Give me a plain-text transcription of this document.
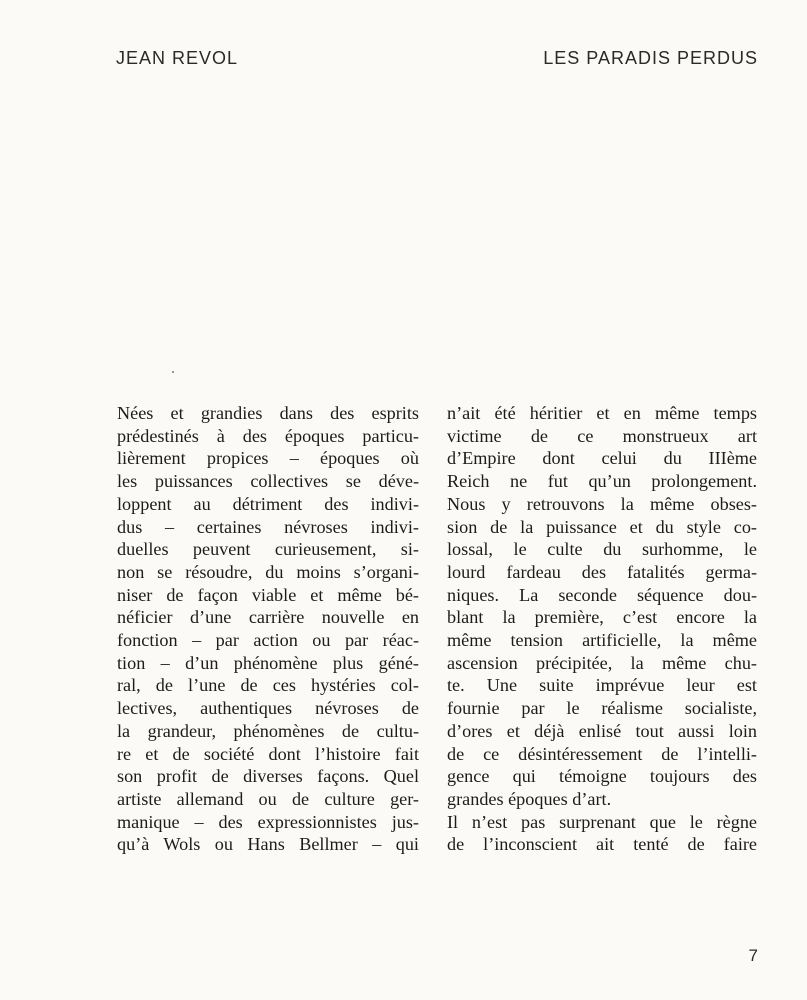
JEAN REVOL	LES PARADIS PERDUS
Nées et grandies dans des esprits
prédestinés à des époques particu-
lièrement propices – époques où
les puissances collectives se déve-
loppent au détriment des indivi-
dus – certaines névroses indivi-
duelles peuvent curieusement, si-
non se résoudre, du moins s’organi-
niser de façon viable et même bé-
néficier d’une carrière nouvelle en
fonction – par action ou par réac-
tion – d’un phénomène plus géné-
ral, de l’une de ces hystéries col-
lectives, authentiques névroses de
la grandeur, phénomènes de cultu-
re et de société dont l’histoire fait
son profit de diverses façons. Quel
artiste allemand ou de culture ger-
manique – des expressionnistes jus-
qu’à Wols ou Hans Bellmer – qui
n’ait été héritier et en même temps
victime de ce monstrueux art
d’Empire dont celui du IIIème
Reich ne fut qu’un prolongement.
Nous y retrouvons la même obses-
sion de la puissance et du style co-
lossal, le culte du surhomme, le
lourd fardeau des fatalités germa-
niques. La seconde séquence dou-
blant la première, c’est encore la
même tension artificielle, la même
ascension précipitée, la même chu-
te. Une suite imprévue leur est
fournie par le réalisme socialiste,
d’ores et déjà enlisé tout aussi loin
de ce désintéressement de l’intelli-
gence qui témoigne toujours des
grandes époques d’art.
Il n’est pas surprenant que le règne
de l’inconscient ait tenté de faire
7
